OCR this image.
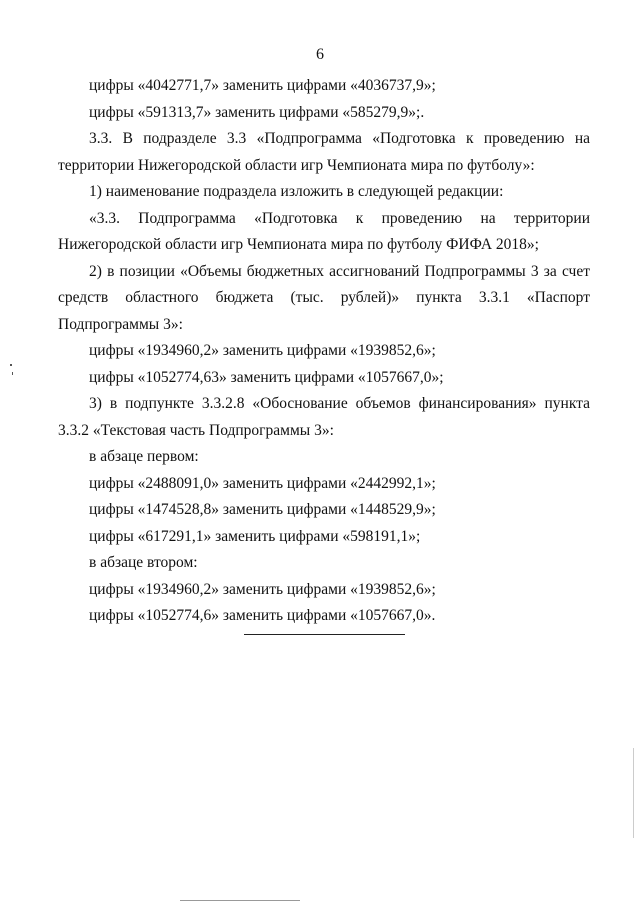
6

цифры «4042771,7» заменить цифрами «4036737,9»;

цифры «591313,7» заменить цифрами «585279,9»;.

3.3. В подразделе 3.3 «Подпрограмма «Подготовка к проведению на территории Нижегородской области игр Чемпионата мира по футболу»:

1) наименование подраздела изложить в следующей редакции:

«3.3. Подпрограмма «Подготовка к проведению на территории Нижегородской области игр Чемпионата мира по футболу ФИФА 2018»;

2) в позиции «Объемы бюджетных ассигнований Подпрограммы 3 за счет средств областного бюджета (тыс. рублей)» пункта 3.3.1 «Паспорт Подпрограммы 3»:

цифры «1934960,2» заменить цифрами «1939852,6»;

цифры «1052774,63» заменить цифрами «1057667,0»;

3) в подпункте 3.3.2.8 «Обоснование объемов финансирования» пункта 3.3.2 «Текстовая часть Подпрограммы 3»:

в абзаце первом:

цифры «2488091,0» заменить цифрами «2442992,1»;

цифры «1474528,8» заменить цифрами «1448529,9»;

цифры «617291,1» заменить цифрами «598191,1»;

в абзаце втором:

цифры «1934960,2» заменить цифрами «1939852,6»;

цифры «1052774,6» заменить цифрами «1057667,0».
